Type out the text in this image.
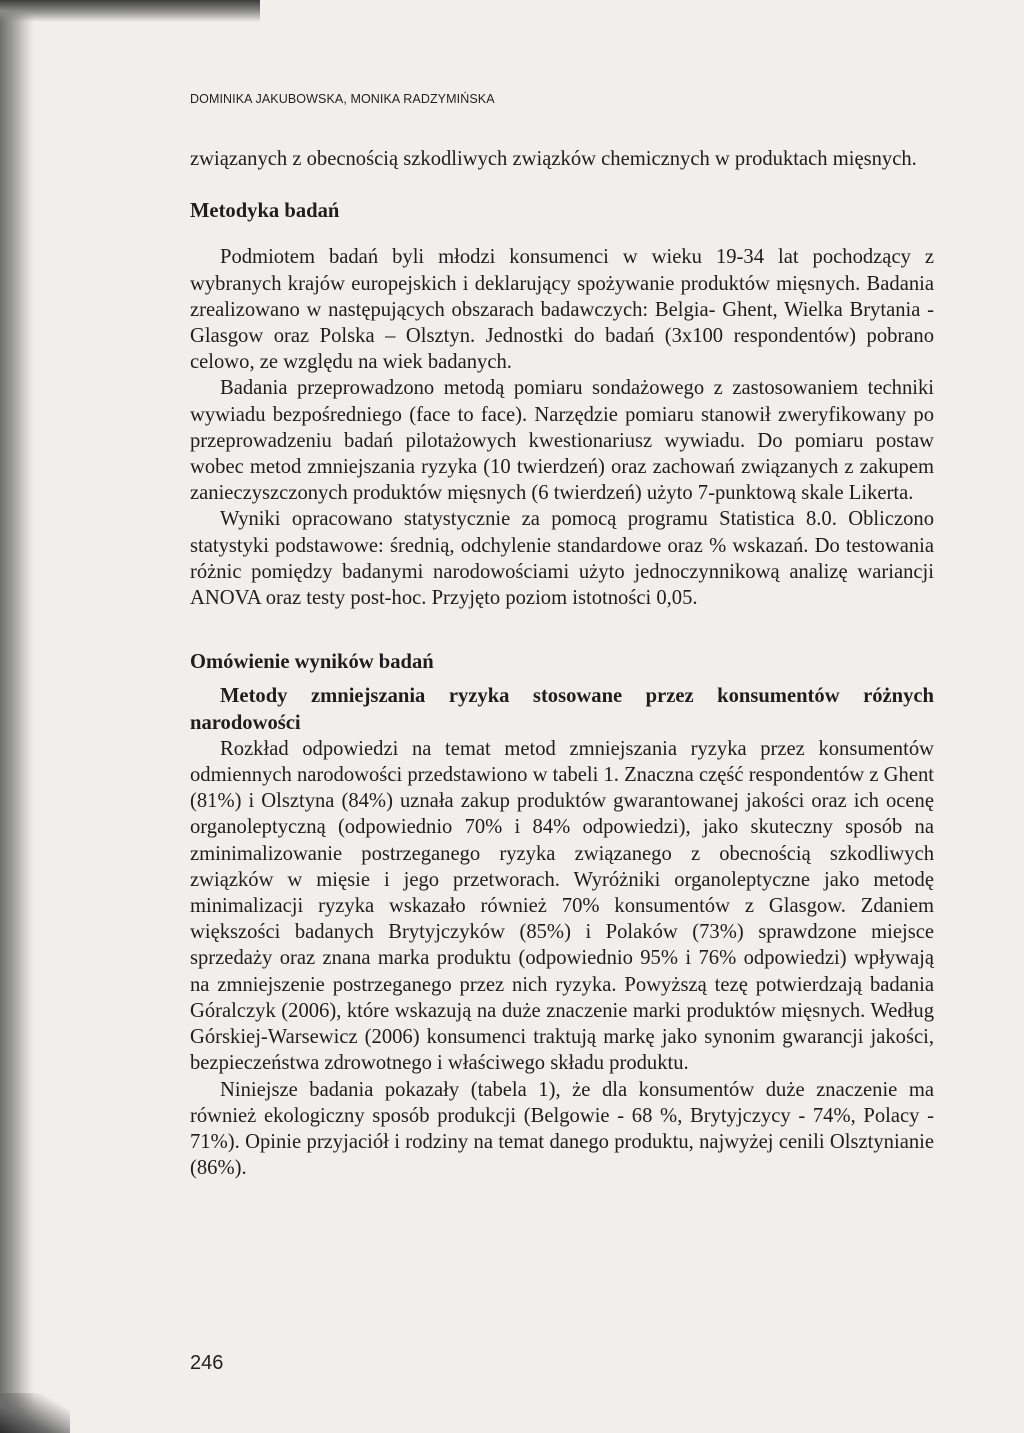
DOMINIKA JAKUBOWSKA, MONIKA RADZYMIŃSKA

związanych z obecnością szkodliwych związków chemicznych w produktach mięsnych.

Metodyka badań

Podmiotem badań byli młodzi konsumenci w wieku 19-34 lat pochodzący z wybranych krajów europejskich i deklarujący spożywanie produktów mięsnych. Badania zrealizowano w następujących obszarach badawczych: Belgia- Ghent, Wielka Brytania - Glasgow oraz Polska – Olsztyn. Jednostki do badań (3x100 respondentów) pobrano celowo, ze względu na wiek badanych.

Badania przeprowadzono metodą pomiaru sondażowego z zastosowaniem techniki wywiadu bezpośredniego (face to face). Narzędzie pomiaru stanowił zweryfikowany po przeprowadzeniu badań pilotażowych kwestionariusz wywiadu. Do pomiaru postaw wobec metod zmniejszania ryzyka (10 twierdzeń) oraz zachowań związanych z zakupem zanieczyszczonych produktów mięsnych (6 twierdzeń) użyto 7-punktową skale Likerta.

Wyniki opracowano statystycznie za pomocą programu Statistica 8.0. Obliczono statystyki podstawowe: średnią, odchylenie standardowe oraz % wskazań. Do testowania różnic pomiędzy badanymi narodowościami użyto jednoczynnikową analizę wariancji ANOVA oraz testy post-hoc. Przyjęto poziom istotności 0,05.

Omówienie wyników badań
Metody zmniejszania ryzyka stosowane przez konsumentów różnych narodowości

Rozkład odpowiedzi na temat metod zmniejszania ryzyka przez konsumentów odmiennych narodowości przedstawiono w tabeli 1. Znaczna część respondentów z Ghent (81%) i Olsztyna (84%) uznała zakup produktów gwarantowanej jakości oraz ich ocenę organoleptyczną (odpowiednio 70% i 84% odpowiedzi), jako skuteczny sposób na zminimalizowanie postrzeganego ryzyka związanego z obecnością szkodliwych związków w mięsie i jego przetworach. Wyróżniki organoleptyczne jako metodę minimalizacji ryzyka wskazało również 70% konsumentów z Glasgow. Zdaniem większości badanych Brytyjczyków (85%) i Polaków (73%) sprawdzone miejsce sprzedaży oraz znana marka produktu (odpowiednio 95% i 76% odpowiedzi) wpływają na zmniejszenie postrzeganego przez nich ryzyka. Powyższą tezę potwierdzają badania Góralczyk (2006), które wskazują na duże znaczenie marki produktów mięsnych. Według Górskiej-Warsewicz (2006) konsumenci traktują markę jako synonim gwarancji jakości, bezpieczeństwa zdrowotnego i właściwego składu produktu.

Niniejsze badania pokazały (tabela 1), że dla konsumentów duże znaczenie ma również ekologiczny sposób produkcji (Belgowie - 68 %, Brytyjczycy - 74%, Polacy - 71%). Opinie przyjaciół i rodziny na temat danego produktu, najwyżej cenili Olsztynianie (86%).

246
